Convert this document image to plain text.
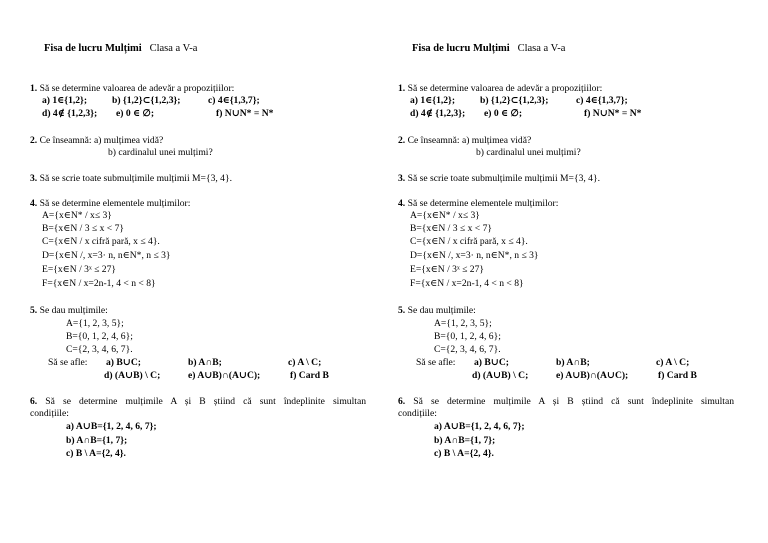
Fisa de lucru Mulțimi Clasa a V-a
1. Să se determine valoarea de adevăr a propozițiilor:
a) 1∈{1,2};	b) {1,2}⊂{1,2,3};	c) 4∈{1,3,7};
d) 4∉ {1,2,3}; e) 0 ∈ ∅;	f) N∪N* = N*
2. Ce înseamnă: a) mulțimea vidă?
b) cardinalul unei mulțimi?
3. Să se scrie toate submulțimile mulțimii M={3, 4}.
4. Să se determine elementele mulțimilor:
A={x∈N* / x≤ 3}
B={x∈N / 3 ≤ x < 7}
C={x∈N / x cifră pară, x ≤ 4}.
D={x∈N /, x=3· n, n∈N*, n ≤ 3}
E={x∈N / 3ˣ ≤ 27}
F={x∈N / x=2n-1, 4 < n < 8}
5. Se dau mulțimile:
A={1, 2, 3, 5};
B={0, 1, 2, 4, 6};
C={2, 3, 4, 6, 7}.
Să se afle: a) B∪C;	b) A∩B;	c) A \ C;
d) (A∪B) \ C;	e) A∪B)∩(A∪C);	f) Card B
6. Să se determine mulțimile A și B știind că sunt îndeplinite simultan
condițiile:
a) A∪B={1, 2, 4, 6, 7};
b) A∩B={1, 7};
c) B \ A={2, 4}.
Fisa de lucru Mulțimi Clasa a V-a
1. Să se determine valoarea de adevăr a propozițiilor:
a) 1∈{1,2};	b) {1,2}⊂{1,2,3};	c) 4∈{1,3,7};
d) 4∉ {1,2,3}; e) 0 ∈ ∅;	f) N∪N* = N*
2. Ce înseamnă: a) mulțimea vidă?
b) cardinalul unei mulțimi?
3. Să se scrie toate submulțimile mulțimii M={3, 4}.
4. Să se determine elementele mulțimilor:
A={x∈N* / x≤ 3}
B={x∈N / 3 ≤ x < 7}
C={x∈N / x cifră pară, x ≤ 4}.
D={x∈N /, x=3· n, n∈N*, n ≤ 3}
E={x∈N / 3ˣ ≤ 27}
F={x∈N / x=2n-1, 4 < n < 8}
5. Se dau mulțimile:
A={1, 2, 3, 5};
B={0, 1, 2, 4, 6};
C={2, 3, 4, 6, 7}.
Să se afle: a) B∪C;	b) A∩B;	c) A \ C;
d) (A∪B) \ C;	e) A∪B)∩(A∪C);	f) Card B
6. Să se determine mulțimile A și B știind că sunt îndeplinite simultan
condițiile:
a) A∪B={1, 2, 4, 6, 7};
b) A∩B={1, 7};
c) B \ A={2, 4}.
